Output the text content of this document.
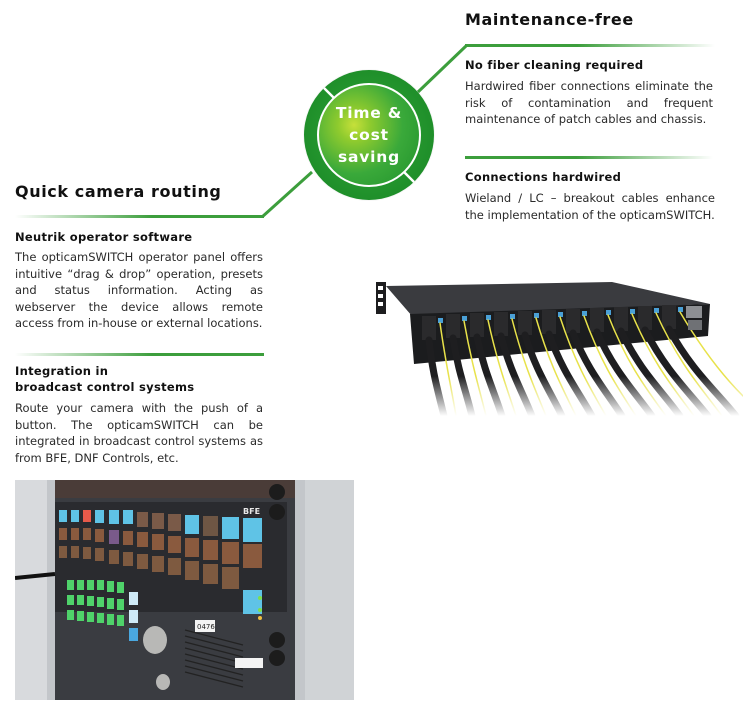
Maintenance-free
No fiber cleaning required
Hardwired fiber connections eliminate the risk of contamination and frequent maintenance of patch cables and chassis.
Connections hardwired
Wieland / LC – breakout cables enhance the implementation of the opticamSWITCH.
Time &
cost
saving
Quick camera routing
Neutrik operator software
The opticamSWITCH operator panel offers intuitive “drag & drop” operation, presets and status information. Acting as webserver the device allows remote access from in-house or external locations.
Integration in
broadcast control systems
Route your camera with the push of a button. The opticamSWITCH can be integrated in broadcast control systems as from BFE, DNF Controls, etc.
BFE
0476
